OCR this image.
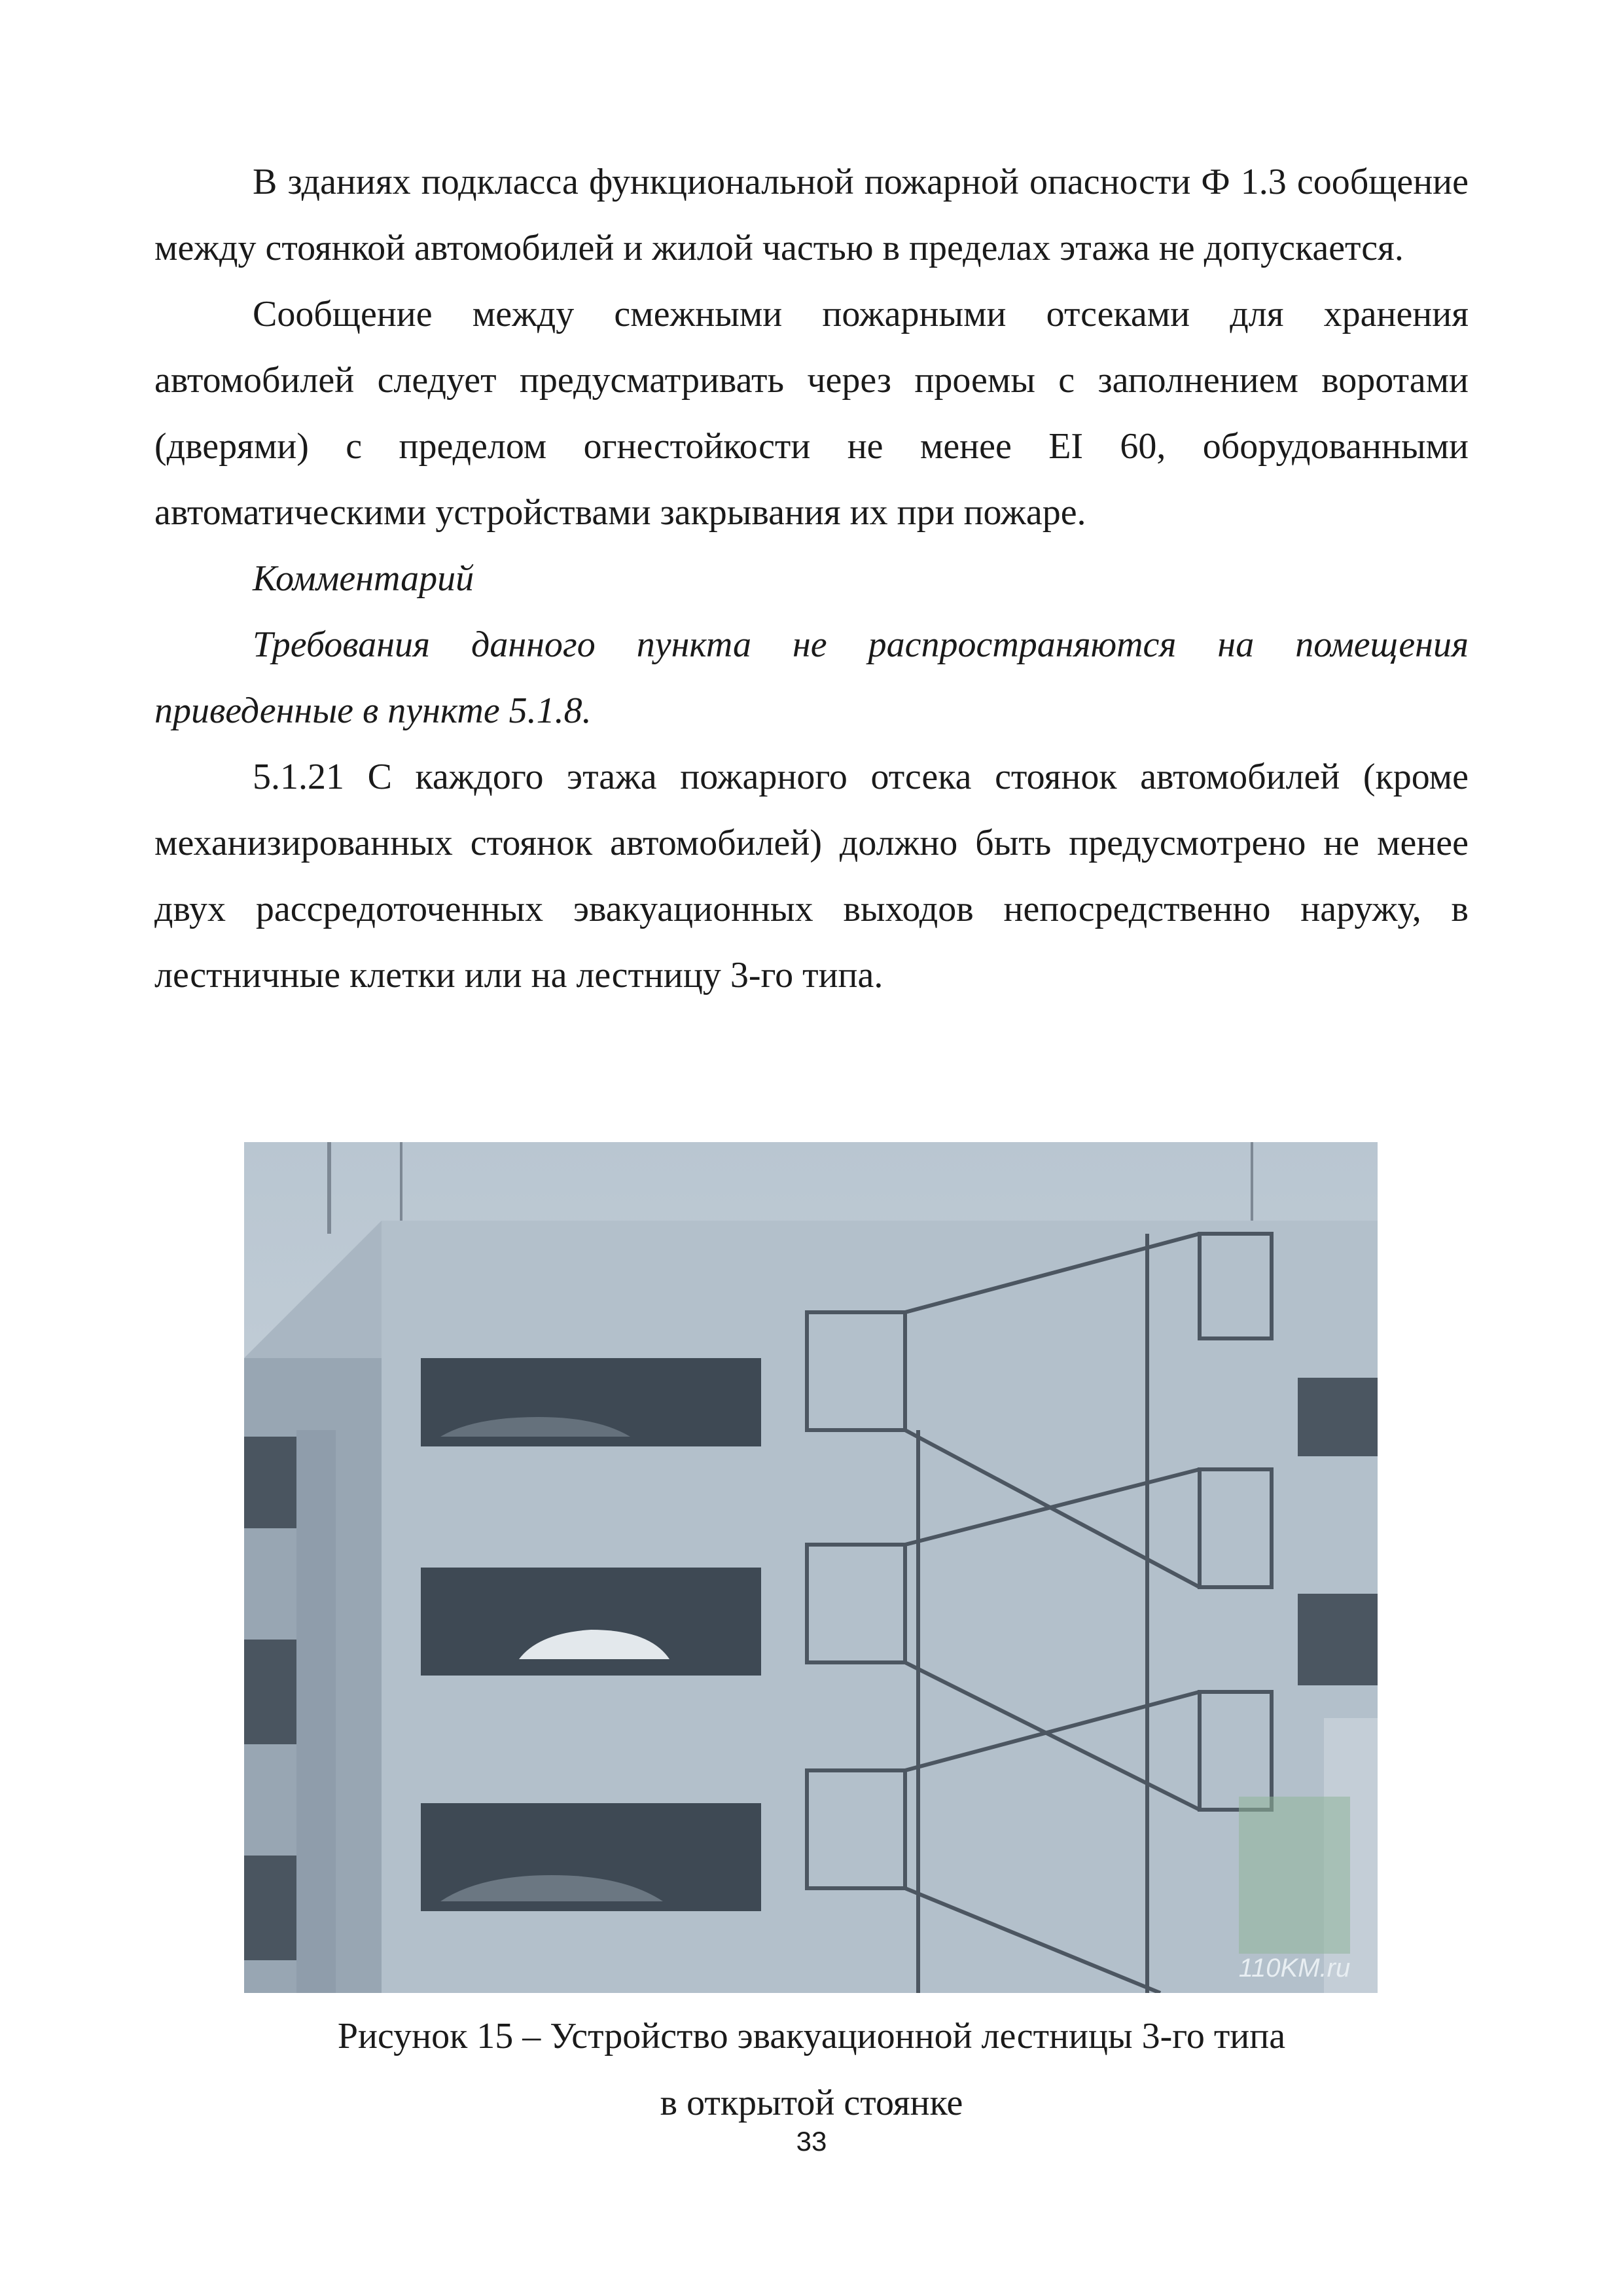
В зданиях подкласса функциональной пожарной опасности Ф 1.3 сообщение между стоянкой автомобилей и жилой частью в пределах этажа не допускается.

Сообщение между смежными пожарными отсеками для хранения автомобилей следует предусматривать через проемы с заполнением воротами (дверями) с пределом огнестойкости не менее EI 60, оборудованными автоматическими устройствами закрывания их при пожаре.

Комментарий

Требования данного пункта не распространяются на помещения приведенные в пункте 5.1.8.

5.1.21 С каждого этажа пожарного отсека стоянок автомобилей (кроме механизированных стоянок автомобилей) должно быть предусмотрено не менее двух рассредоточенных эвакуационных выходов непосредственно наружу, в лестничные клетки или на лестницу 3-го типа.

110KM.ru
Рисунок 15 – Устройство эвакуационной лестницы 3-го типа
в открытой стоянке
33
